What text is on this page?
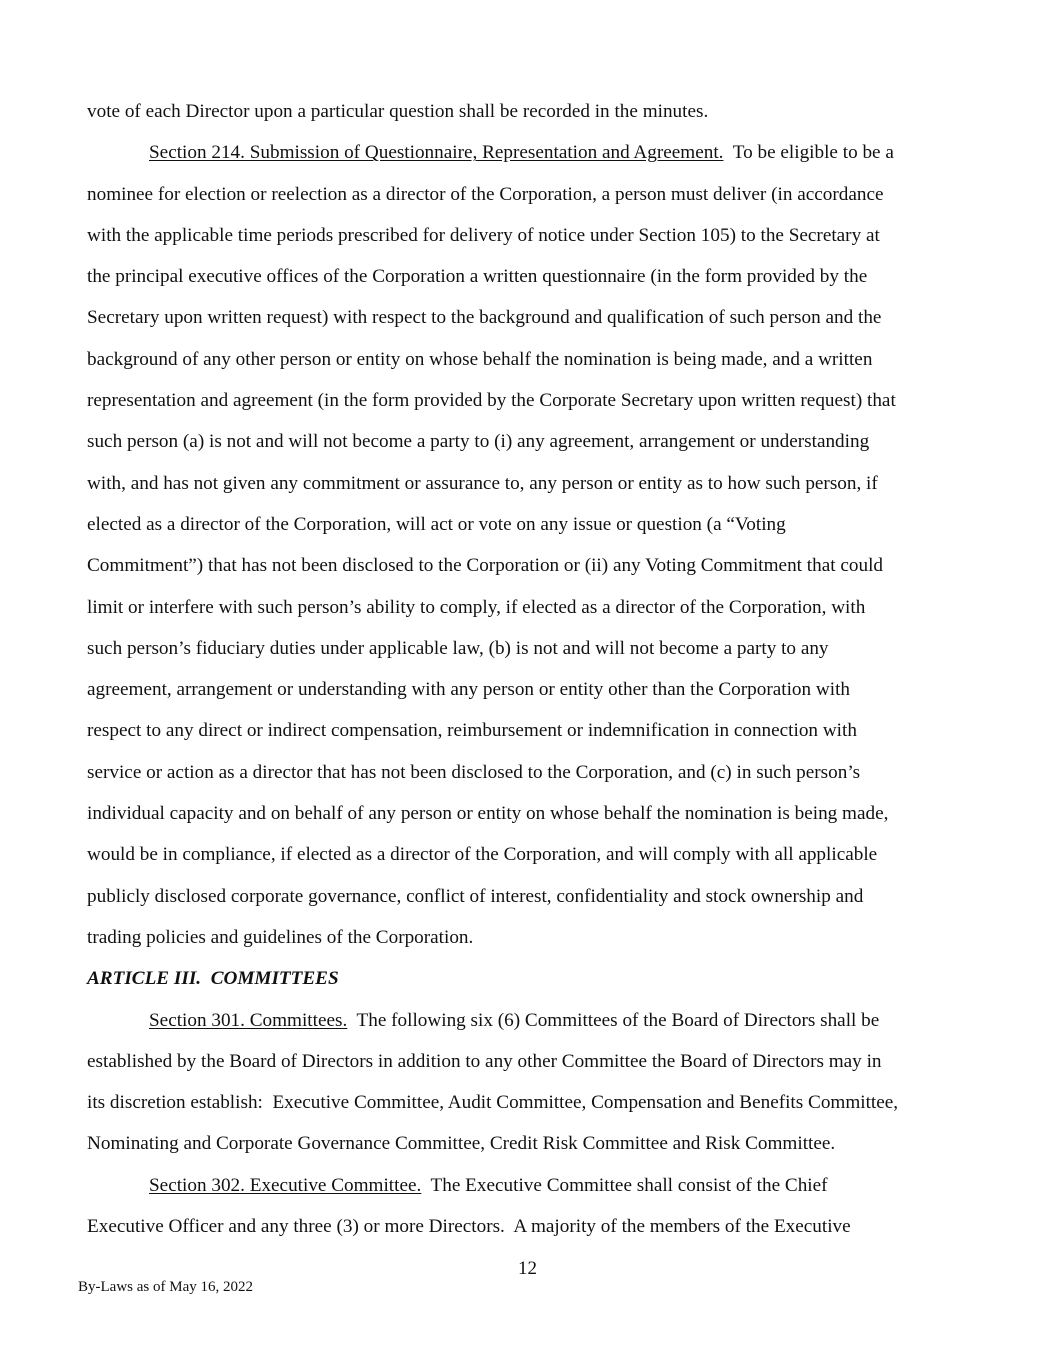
vote of each Director upon a particular question shall be recorded in the minutes.
Section 214. Submission of Questionnaire, Representation and Agreement.  To be eligible to be a
nominee for election or reelection as a director of the Corporation, a person must deliver (in accordance
with the applicable time periods prescribed for delivery of notice under Section 105) to the Secretary at
the principal executive offices of the Corporation a written questionnaire (in the form provided by the
Secretary upon written request) with respect to the background and qualification of such person and the
background of any other person or entity on whose behalf the nomination is being made, and a written
representation and agreement (in the form provided by the Corporate Secretary upon written request) that
such person (a) is not and will not become a party to (i) any agreement, arrangement or understanding
with, and has not given any commitment or assurance to, any person or entity as to how such person, if
elected as a director of the Corporation, will act or vote on any issue or question (a “Voting
Commitment”) that has not been disclosed to the Corporation or (ii) any Voting Commitment that could
limit or interfere with such person’s ability to comply, if elected as a director of the Corporation, with
such person’s fiduciary duties under applicable law, (b) is not and will not become a party to any
agreement, arrangement or understanding with any person or entity other than the Corporation with
respect to any direct or indirect compensation, reimbursement or indemnification in connection with
service or action as a director that has not been disclosed to the Corporation, and (c) in such person’s
individual capacity and on behalf of any person or entity on whose behalf the nomination is being made,
would be in compliance, if elected as a director of the Corporation, and will comply with all applicable
publicly disclosed corporate governance, conflict of interest, confidentiality and stock ownership and
trading policies and guidelines of the Corporation.
ARTICLE III.  COMMITTEES
Section 301. Committees.  The following six (6) Committees of the Board of Directors shall be
established by the Board of Directors in addition to any other Committee the Board of Directors may in
its discretion establish:  Executive Committee, Audit Committee, Compensation and Benefits Committee,
Nominating and Corporate Governance Committee, Credit Risk Committee and Risk Committee.
Section 302. Executive Committee.  The Executive Committee shall consist of the Chief
Executive Officer and any three (3) or more Directors.  A majority of the members of the Executive
12
By-Laws as of May 16, 2022
